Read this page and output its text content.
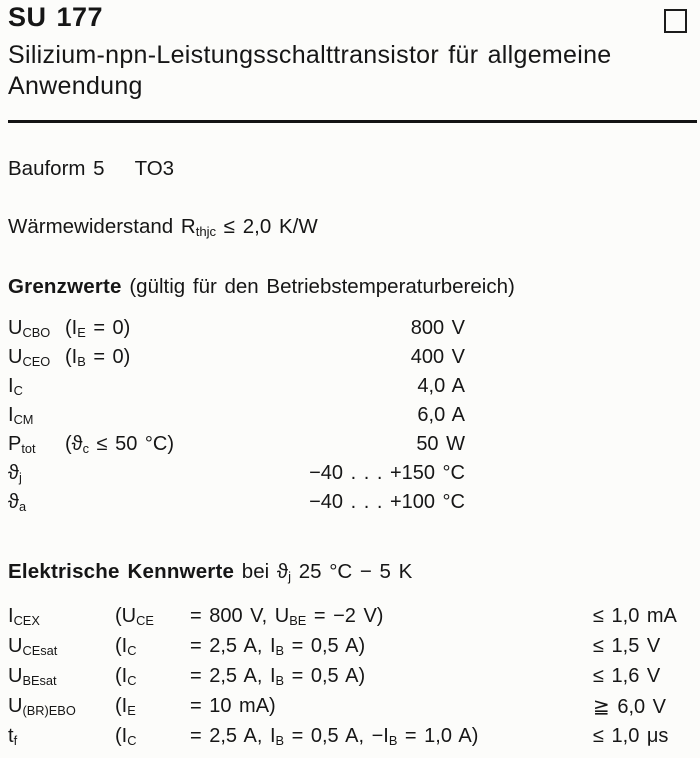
SU 177
Silizium-npn-Leistungsschalttransistor für allgemeine Anwendung
Bauform 5 TO3
Wärmewiderstand Rthjc ≤ 2,0 K/W
Grenzwerte (gültig für den Betriebstemperaturbereich)
UCBO (IE = 0)	800 V
UCEO (IB = 0)	400 V
IC	4,0 A
ICM	6,0 A
Ptot	(ϑc ≤ 50 °C)	50 W
ϑj	−40 . . . +150 °C
ϑa	−40 . . . +100 °C
Elektrische Kennwerte bei ϑj 25 °C − 5 K
ICEX	(UCE	= 800 V, UBE = −2 V)	≤ 1,0 mA
UCEsat	(IC	= 2,5 A, IB = 0,5 A)	≤ 1,5 V
UBEsat	(IC	= 2,5 A, IB = 0,5 A)	≤ 1,6 V
U(BR)EBO	(IE	= 10 mA)	≧ 6,0 V
tf	(IC	= 2,5 A, IB = 0,5 A, −IB = 1,0 A)	≤ 1,0 μs
